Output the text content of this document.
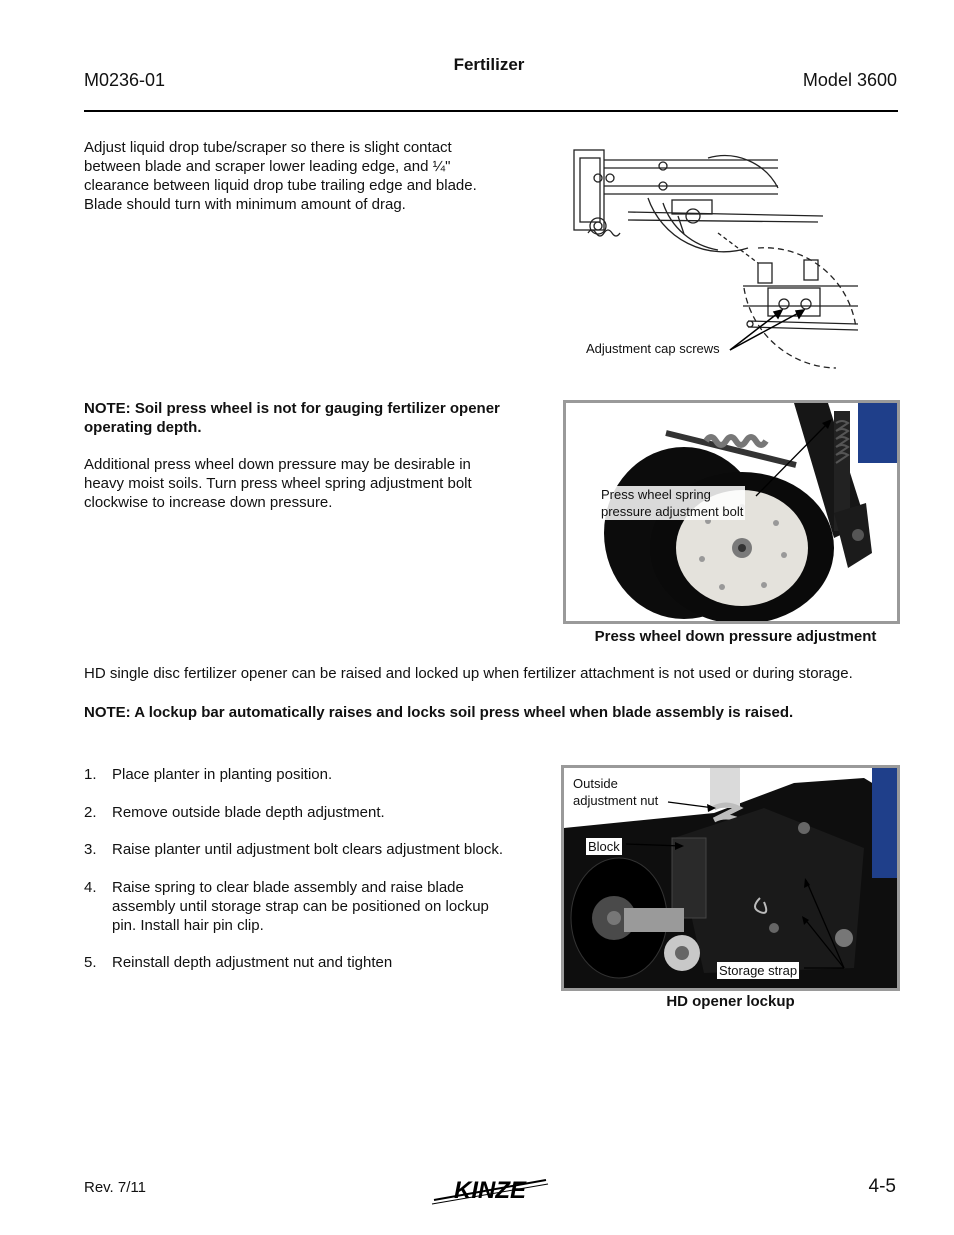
Fertilizer
M0236-01	Model 3600
Adjust liquid drop tube/scraper so there is slight contact between blade and scraper lower leading edge, and ¼" clearance between liquid drop tube trailing edge and blade. Blade should turn with minimum amount of drag.
Adjustment cap screws
NOTE: Soil press wheel is not for gauging fertilizer opener operating depth.
Additional press wheel down pressure may be desirable in heavy moist soils. Turn press wheel spring adjustment bolt clockwise to increase down pressure.	Press wheel spring
pressure adjustment bolt
Press wheel down pressure adjustment
HD single disc fertilizer opener can be raised and locked up when fertilizer attachment is not used or during storage.
NOTE: A lockup bar automatically raises and locks soil press wheel when blade assembly is raised.
1. Place planter in planting position.
2. Remove outside blade depth adjustment.
3. Raise planter until adjustment bolt clears adjustment block.
4. Raise spring to clear blade assembly and raise blade assembly until storage strap can be positioned on lockup pin. Install hair pin clip.
5. Reinstall depth adjustment nut and tighten
Outside
adjustment nut
Block
Storage strap
HD opener lockup
Rev. 7/11	KINZE	4-5
